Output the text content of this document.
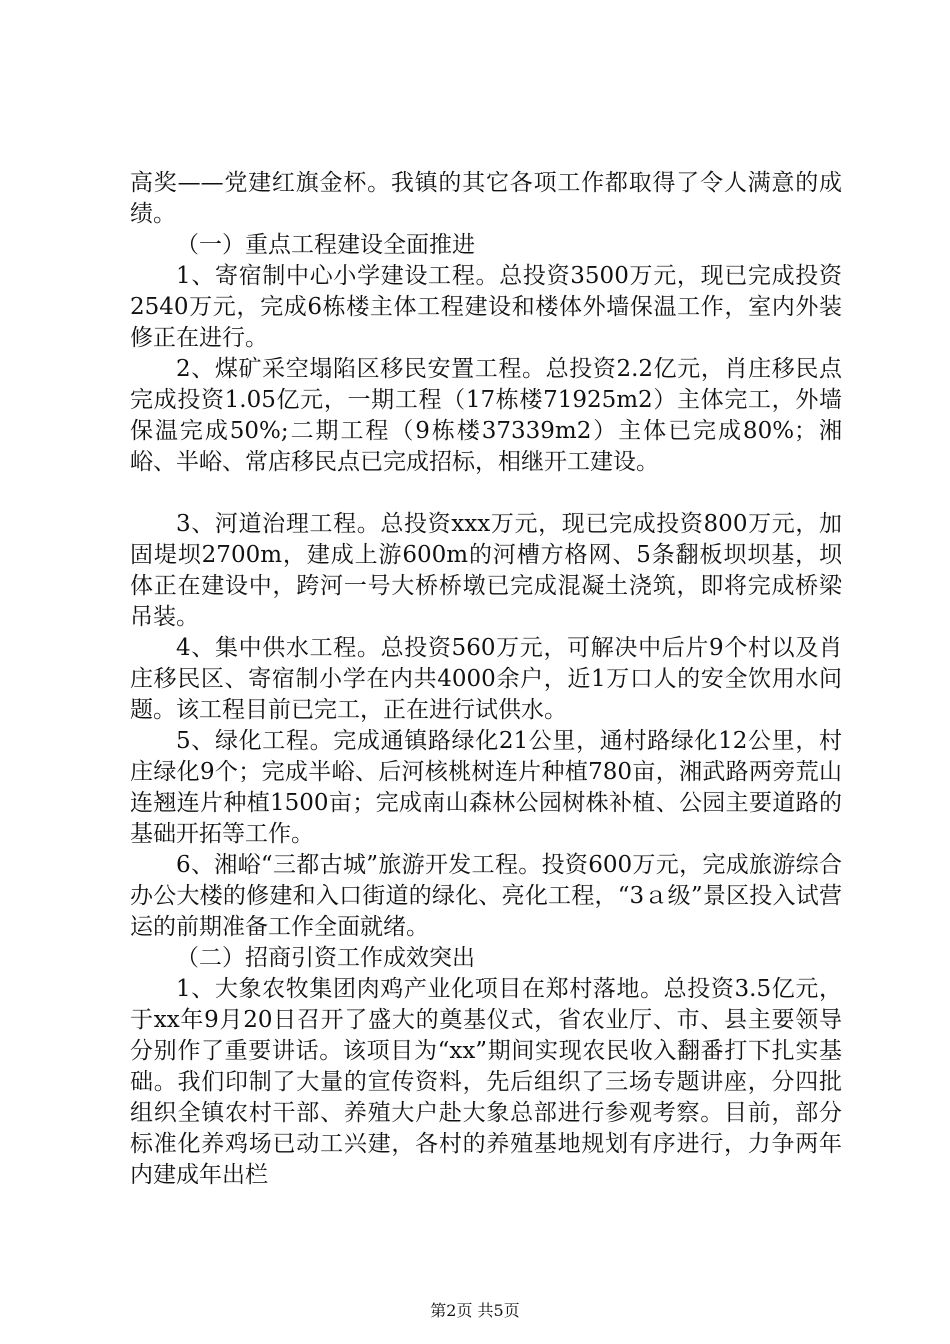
高奖——党建红旗金杯。我镇的其它各项工作都取得了令人满意的成绩。

（一）重点工程建设全面推进

1、寄宿制中心小学建设工程。总投资3500万元，现已完成投资2540万元，完成6栋楼主体工程建设和楼体外墙保温工作，室内外装修正在进行。

2、煤矿采空塌陷区移民安置工程。总投资2.2亿元，肖庄移民点完成投资1.05亿元，一期工程（17栋楼71925m2）主体完工，外墙保温完成50%;二期工程（9栋楼37339m2）主体已完成80%；湘峪、半峪、常店移民点已完成招标，相继开工建设。

3、河道治理工程。总投资xxx万元，现已完成投资800万元，加固堤坝2700m，建成上游600m的河槽方格网、5条翻板坝坝基，坝体正在建设中，跨河一号大桥桥墩已完成混凝土浇筑，即将完成桥梁吊装。

4、集中供水工程。总投资560万元，可解决中后片9个村以及肖庄移民区、寄宿制小学在内共4000余户，近1万口人的安全饮用水问题。该工程目前已完工，正在进行试供水。

5、绿化工程。完成通镇路绿化21公里，通村路绿化12公里，村庄绿化9个；完成半峪、后河核桃树连片种植780亩，湘武路两旁荒山连翘连片种植1500亩；完成南山森林公园树株补植、公园主要道路的基础开拓等工作。

6、湘峪“三都古城”旅游开发工程。投资600万元，完成旅游综合办公大楼的修建和入口街道的绿化、亮化工程，“3ａ级”景区投入试营运的前期准备工作全面就绪。

（二）招商引资工作成效突出

1、大象农牧集团肉鸡产业化项目在郑村落地。总投资3.5亿元，于xx年9月20日召开了盛大的奠基仪式，省农业厅、市、县主要领导分别作了重要讲话。该项目为“xx”期间实现农民收入翻番打下扎实基础。我们印制了大量的宣传资料，先后组织了三场专题讲座，分四批组织全镇农村干部、养殖大户赴大象总部进行参观考察。目前，部分标准化养鸡场已动工兴建，各村的养殖基地规划有序进行，力争两年内建成年出栏

第2页 共5页
